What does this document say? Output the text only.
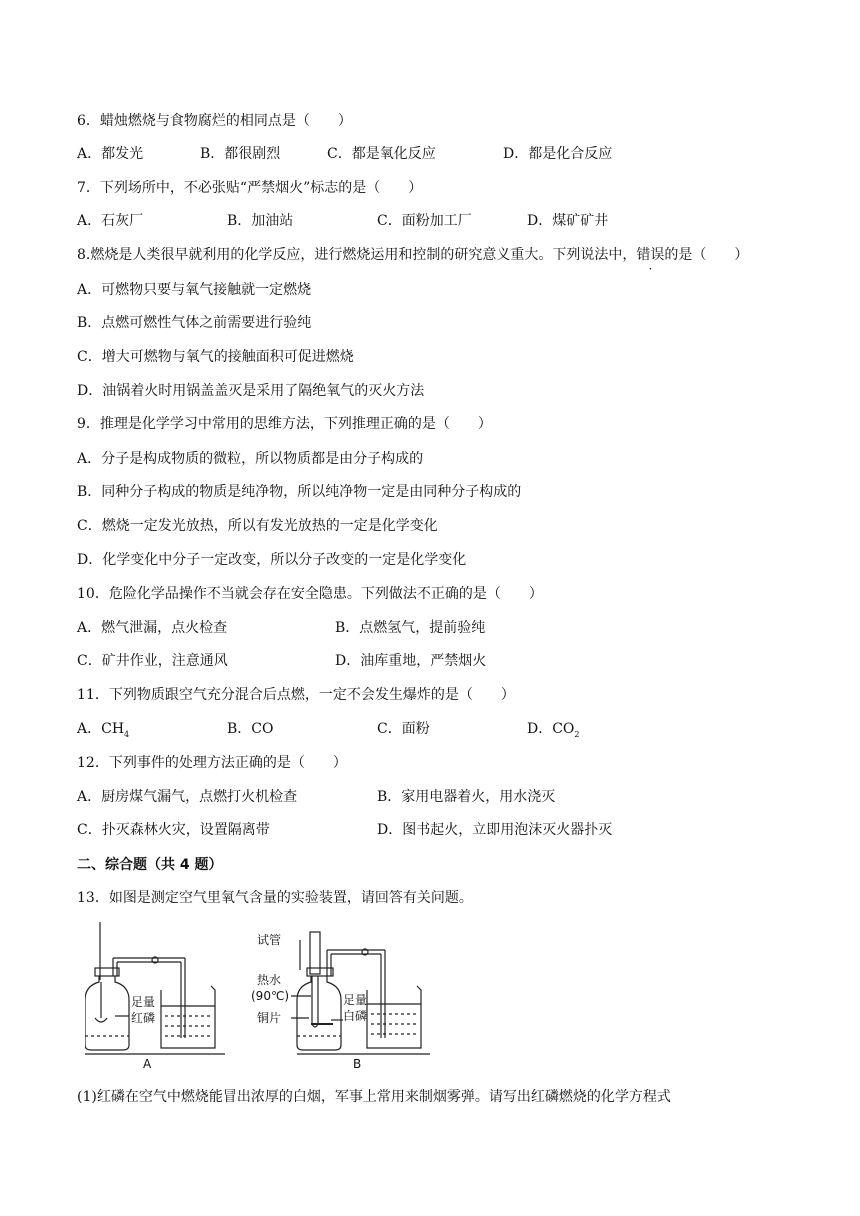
6．蜡烛燃烧与食物腐烂的相同点是（　　）
A．都发光	B．都很剧烈	C．都是氧化反应	D．都是化合反应
7．下列场所中，不必张贴“严禁烟火”标志的是（　　）
A．石灰厂	B．加油站	C．面粉加工厂	D．煤矿矿井
8.燃烧是人类很早就利用的化学反应，进行燃烧运用和控制的研究意义重大。下列说法中，错误的是（　　）
A．可燃物只要与氧气接触就一定燃烧
B．点燃可燃性气体之前需要进行验纯
C．增大可燃物与氧气的接触面积可促进燃烧
D．油锅着火时用锅盖盖灭是采用了隔绝氧气的灭火方法
9．推理是化学学习中常用的思维方法，下列推理正确的是（　　）
A．分子是构成物质的微粒，所以物质都是由分子构成的
B．同种分子构成的物质是纯净物，所以纯净物一定是由同种分子构成的
C．燃烧一定发光放热，所以有发光放热的一定是化学变化
D．化学变化中分子一定改变，所以分子改变的一定是化学变化
10．危险化学品操作不当就会存在安全隐患。下列做法不正确的是（　　）
A．燃气泄漏，点火检查	B．点燃氢气，提前验纯
C．矿井作业，注意通风	D．油库重地，严禁烟火
11．下列物质跟空气充分混合后点燃，一定不会发生爆炸的是（　　）
A．$CH_4$	B．CO	C．面粉	D．$CO_2$
12．下列事件的处理方法正确的是（　　）
A．厨房煤气漏气，点燃打火机检查	B．家用电器着火，用水浇灭
C．扑灭森林火灾，设置隔离带	D．图书起火，立即用泡沫灭火器扑灭
二、综合题（共 4 题）
13．如图是测定空气里氧气含量的实验装置，请回答有关问题。
足量
红磷
A
试管
热水
(90℃)
铜片
足量
白磷
B
(1)红磷在空气中燃烧能冒出浓厚的白烟，军事上常用来制烟雾弹。请写出红磷燃烧的化学方程式
